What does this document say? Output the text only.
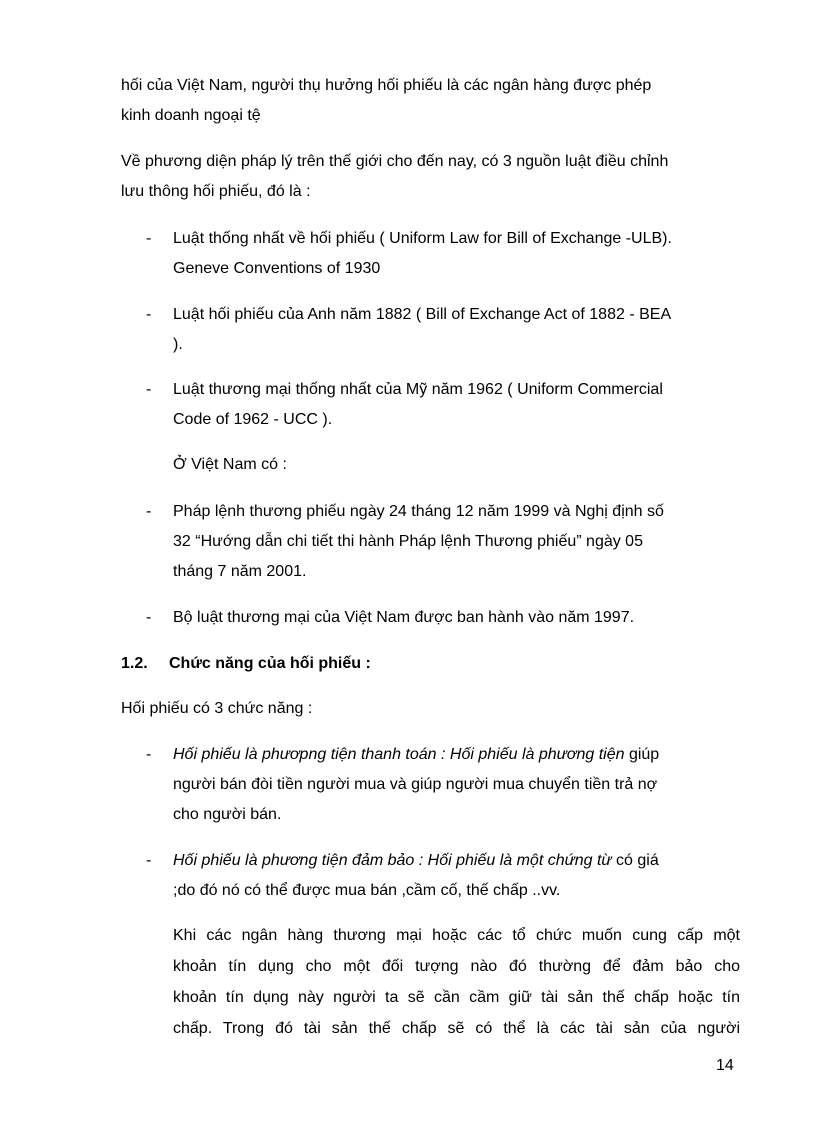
hối của Việt Nam, người thụ hưởng hối phiếu là các ngân hàng được phép
kinh doanh ngoại tệ
Về phương diện pháp lý trên thế giới cho đến nay, có 3 nguồn luật điều chỉnh
lưu thông hối phiếu, đó là :
- Luật thống nhất về hối phiếu ( Uniform Law for Bill of Exchange -ULB).
Geneve Conventions of 1930
- Luật hối phiếu của Anh năm 1882 ( Bill of Exchange Act of 1882 - BEA
).
- Luật thương mại thống nhất của Mỹ năm 1962 ( Uniform Commercial
Code of 1962 - UCC ).
Ở Việt Nam có :
- Pháp lệnh thương phiếu ngày 24 tháng 12 năm 1999 và Nghị định số
32 “Hướng dẫn chi tiết thi hành Pháp lệnh Thương phiếu” ngày 05
tháng 7 năm 2001.
- Bộ luật thương mại của Việt Nam được ban hành vào năm 1997.
1.2. Chức năng của hối phiếu :
Hối phiếu có 3 chức năng :
- Hối phiếu là phươpng tiện thanh toán : Hối phiếu là phương tiện giúp
người bán đòi tiền người mua và giúp người mua chuyển tiền trả nợ
cho người bán.
- Hối phiếu là phương tiện đảm bảo : Hối phiếu là một chứng từ có giá
;do đó nó có thể được mua bán ,cầm cố, thế chấp ..vv.
Khi các ngân hàng thương mại hoặc các tổ chức muốn cung cấp một
khoản tín dụng cho một đối tượng nào đó thường để đảm bảo cho
khoản tín dụng này người ta sẽ cần cầm giữ tài sản thế chấp hoặc tín
chấp. Trong đó tài sản thế chấp sẽ có thể là các tài sản của người
14
